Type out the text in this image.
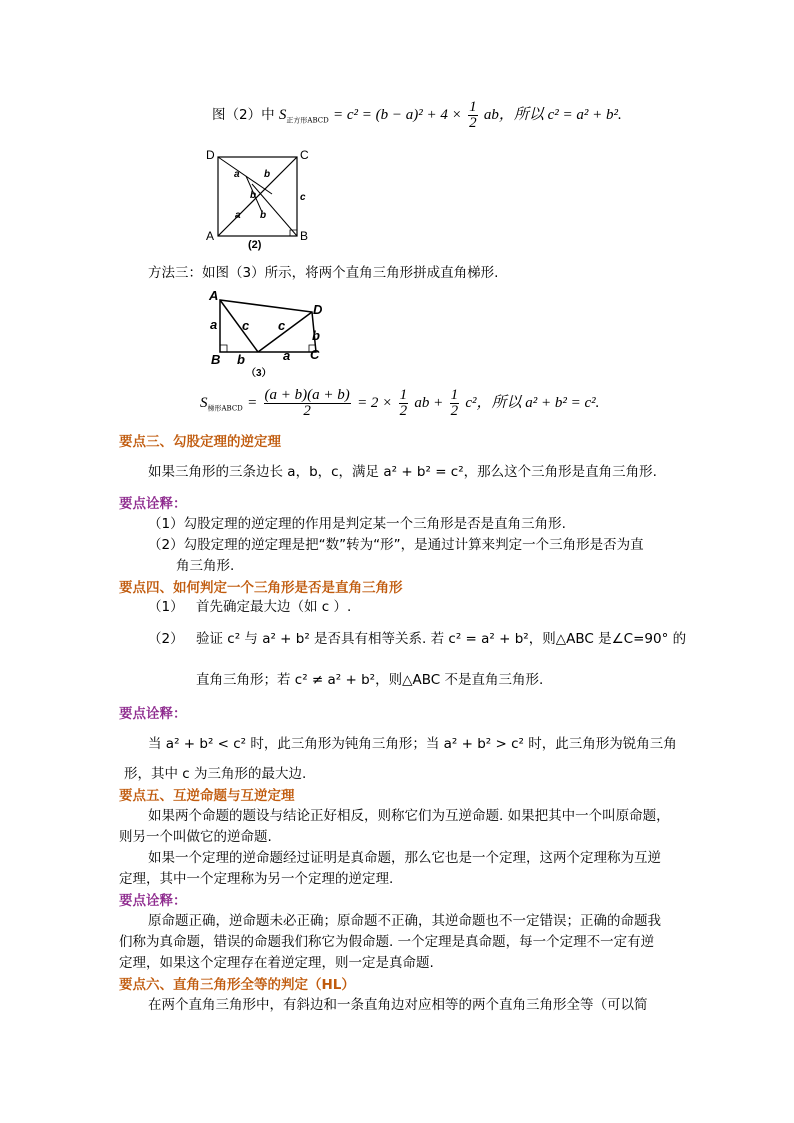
图（2）中 $S_{正方形ABCD} = c^2 = (b - a)^2 + 4 \times \frac{1}{2}$ ab，所以 c² = a² + b².
D	C
A	B
a
a
b
b
b
c
(2)
方法三：如图（3）所示，将两个直角三角形拼成直角梯形.
A
B	C
D
a c c
b
b	a
（3）
$S_{梯形ABCD} = \frac{(a + b)(a + b)}{2} = 2 \times \frac{1}{2}$ ab + $\frac{1}{2} c^2$，所以 a² + b² = c².
要点三、勾股定理的逆定理
如果三角形的三条边长 a，b，c，满足 a² + b² = c²，那么这个三角形是直角三角形.
要点诠释：
（1）勾股定理的逆定理的作用是判定某一个三角形是否是直角三角形.
（2）勾股定理的逆定理是把“数”转为“形”，是通过计算来判定一个三角形是否为直
角三角形.
要点四、如何判定一个三角形是否是直角三角形
（1） 首先确定最大边（如 c ）.
（2） 验证 c² 与 a² + b² 是否具有相等关系. 若 c² = a² + b²，则△ABC 是∠C=90° 的
直角三角形；若 c² ≠ a² + b²，则△ABC 不是直角三角形.
要点诠释：
当 a² + b² < c² 时，此三角形为钝角三角形；当 a² + b² > c² 时，此三角形为锐角三角
形，其中 c 为三角形的最大边.
要点五、互逆命题与互逆定理
如果两个命题的题设与结论正好相反，则称它们为互逆命题. 如果把其中一个叫原命题，
则另一个叫做它的逆命题.
如果一个定理的逆命题经过证明是真命题，那么它也是一个定理，这两个定理称为互逆
定理，其中一个定理称为另一个定理的逆定理.
要点诠释：
原命题正确，逆命题未必正确；原命题不正确，其逆命题也不一定错误；正确的命题我
们称为真命题，错误的命题我们称它为假命题. 一个定理是真命题，每一个定理不一定有逆
定理，如果这个定理存在着逆定理，则一定是真命题.
要点六、直角三角形全等的判定（HL）
在两个直角三角形中，有斜边和一条直角边对应相等的两个直角三角形全等（可以简
